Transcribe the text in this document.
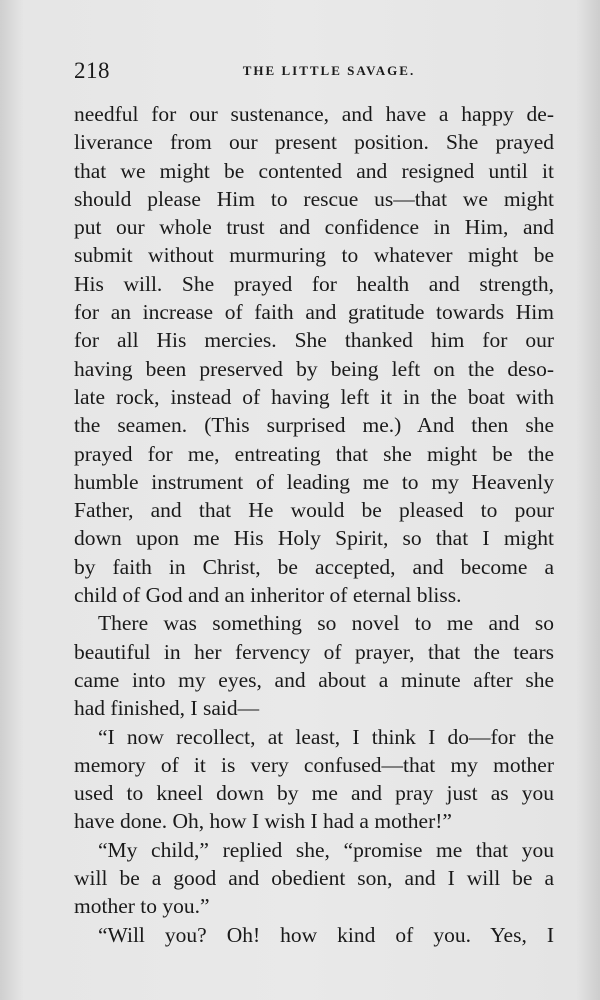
218	THE LITTLE SAVAGE.
needful for our sustenance, and have a happy de-
liverance from our present position. She prayed
that we might be contented and resigned until it
should please Him to rescue us—that we might
put our whole trust and confidence in Him, and
submit without murmuring to whatever might be
His will. She prayed for health and strength,
for an increase of faith and gratitude towards Him
for all His mercies. She thanked him for our
having been preserved by being left on the deso-
late rock, instead of having left it in the boat with
the seamen. (This surprised me.) And then she
prayed for me, entreating that she might be the
humble instrument of leading me to my Heavenly
Father, and that He would be pleased to pour
down upon me His Holy Spirit, so that I might
by faith in Christ, be accepted, and become a
child of God and an inheritor of eternal bliss.
There was something so novel to me and so
beautiful in her fervency of prayer, that the tears
came into my eyes, and about a minute after she
had finished, I said—
“I now recollect, at least, I think I do—for the
memory of it is very confused—that my mother
used to kneel down by me and pray just as you
have done. Oh, how I wish I had a mother!”
“My child,” replied she, “promise me that you
will be a good and obedient son, and I will be a
mother to you.”
“Will you? Oh! how kind of you. Yes, I
